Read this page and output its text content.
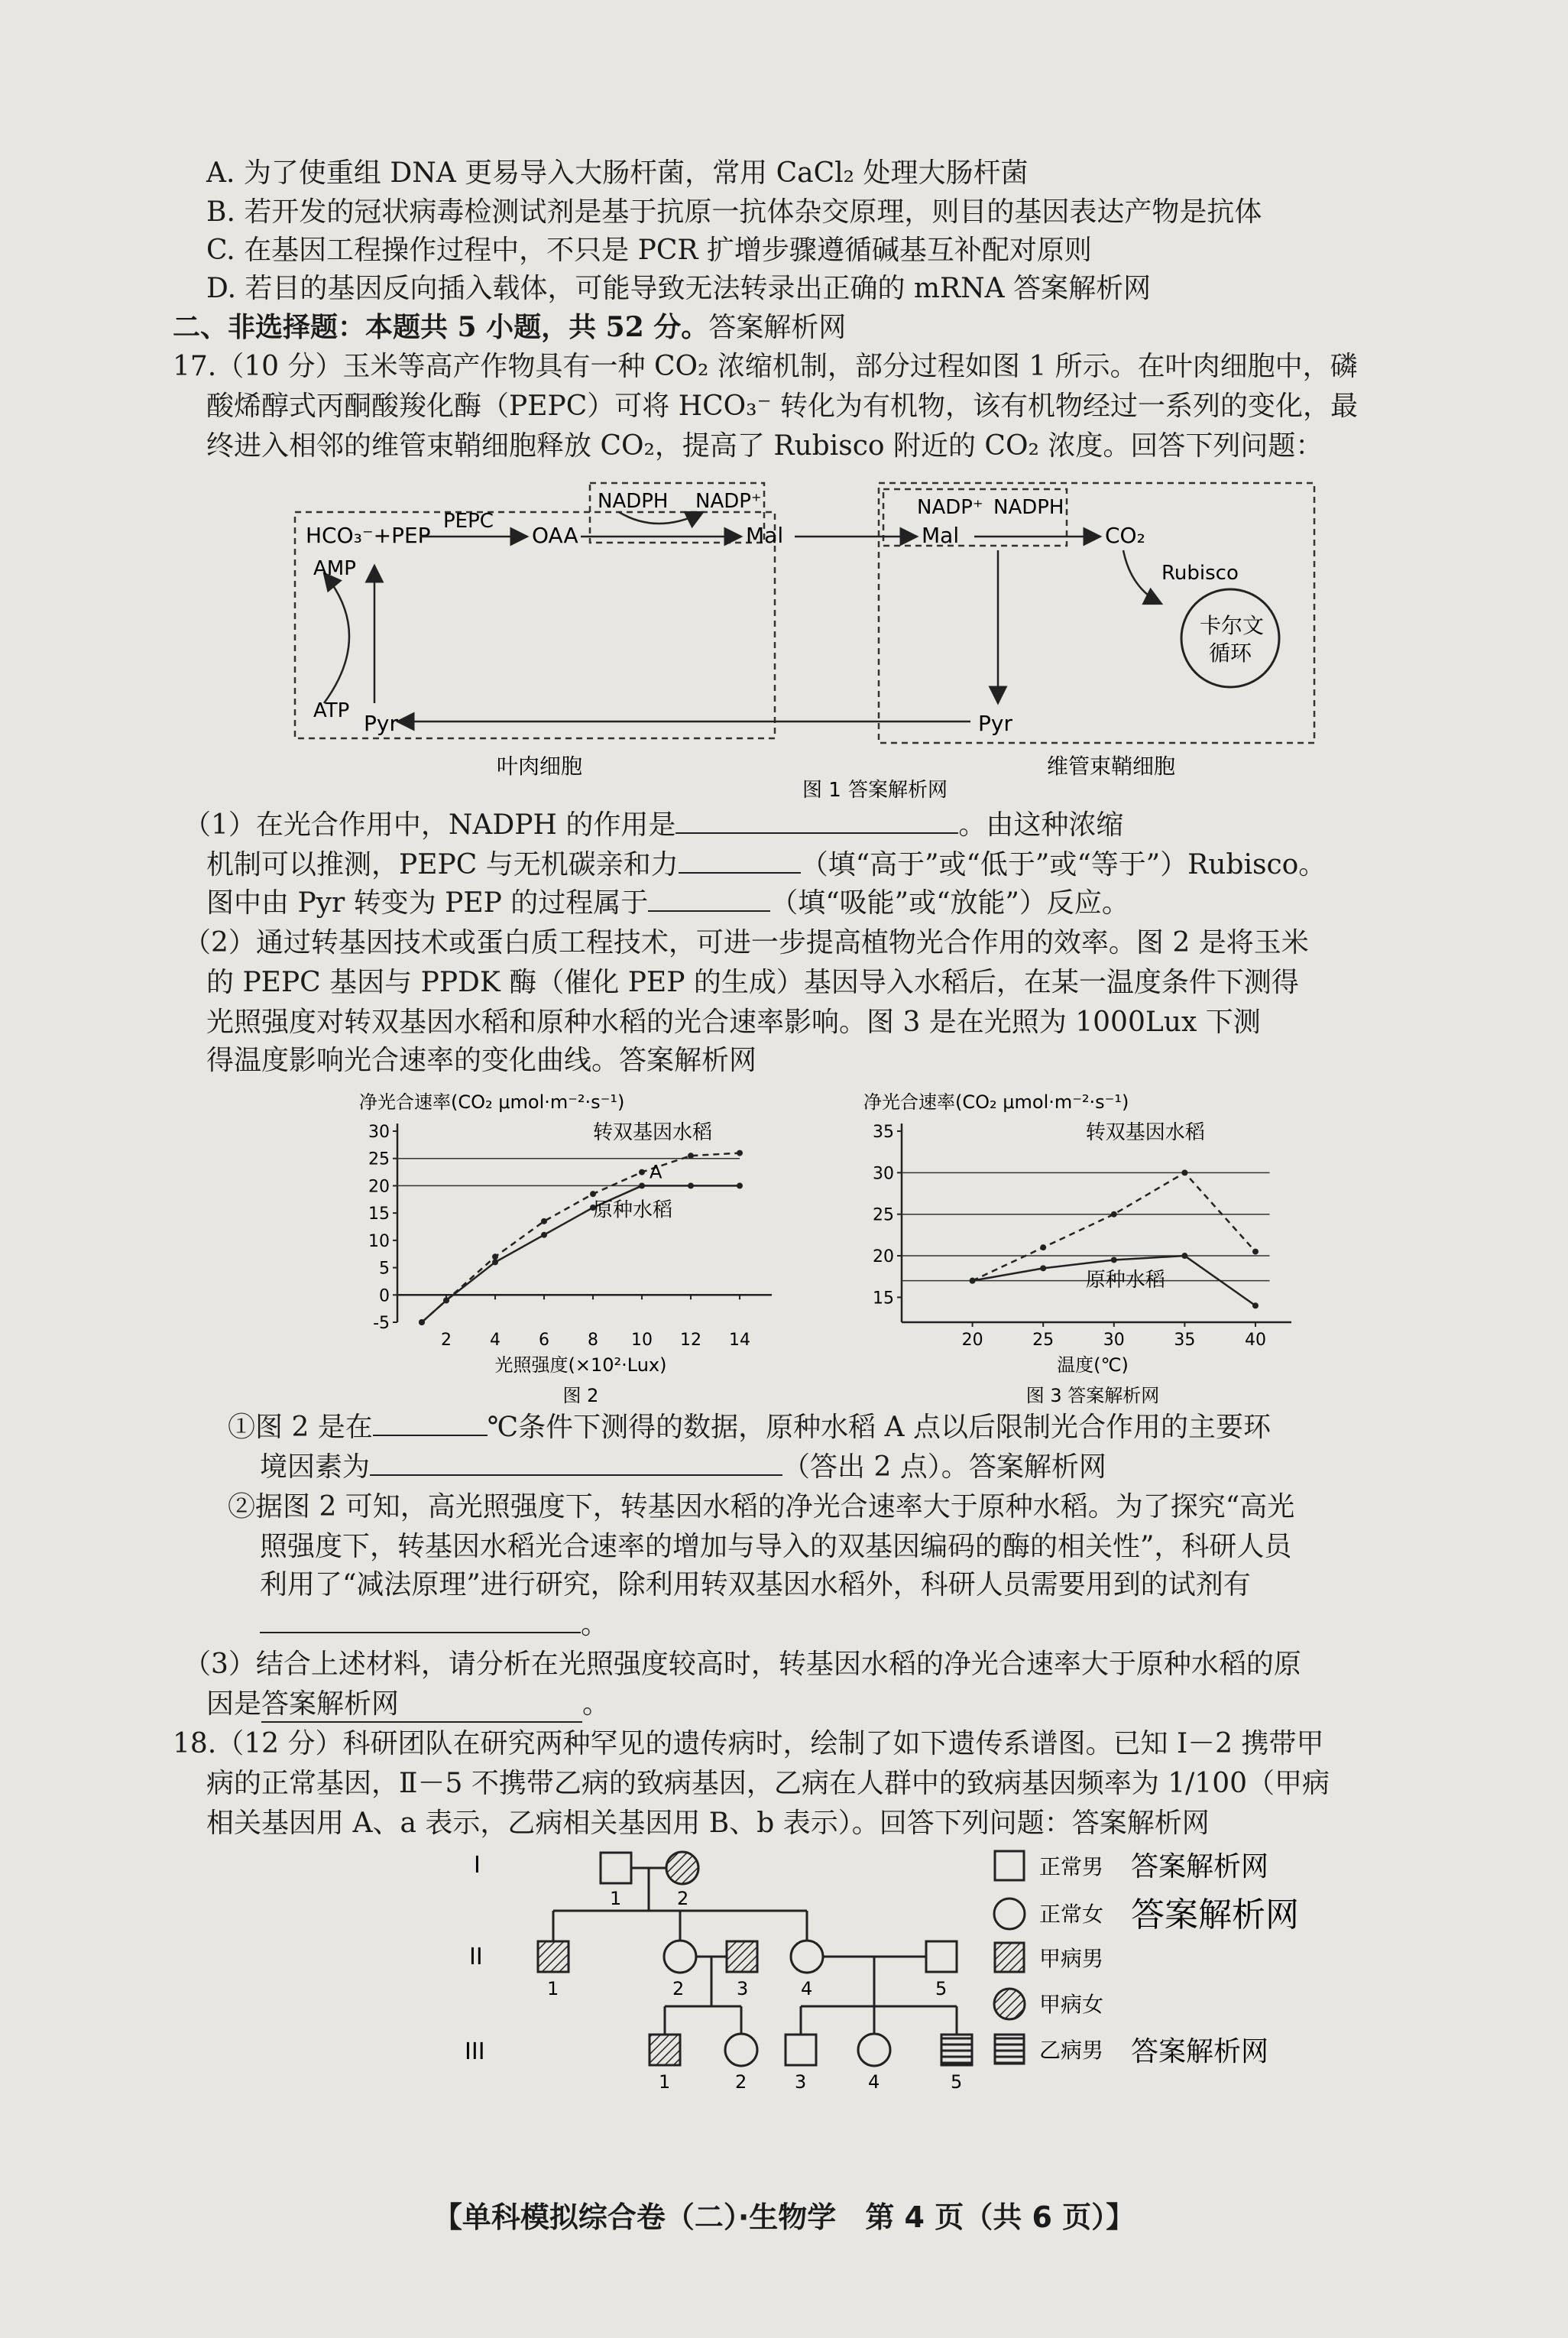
A. 为了使重组 DNA 更易导入大肠杆菌，常用 CaCl₂ 处理大肠杆菌
B. 若开发的冠状病毒检测试剂是基于抗原一抗体杂交原理，则目的基因表达产物是抗体
C. 在基因工程操作过程中，不只是 PCR 扩增步骤遵循碱基互补配对原则
D. 若目的基因反向插入载体，可能导致无法转录出正确的 mRNA 答案解析网
二、非选择题：本题共 5 小题，共 52 分。答案解析网
17.（10 分）玉米等高产作物具有一种 CO₂ 浓缩机制，部分过程如图 1 所示。在叶肉细胞中，磷
酸烯醇式丙酮酸羧化酶（PEPC）可将 HCO₃⁻ 转化为有机物，该有机物经过一系列的变化，最
终进入相邻的维管束鞘细胞释放 CO₂，提高了 Rubisco 附近的 CO₂ 浓度。回答下列问题：
HCO₃⁻+PEP
PEPC
OAA
NADPH NADP⁺
Mal	Mal
NADP⁺ NADPH
CO₂
Rubisco
卡尔文
循环
Pyr
Pyr
AMP
ATP
叶肉细胞	维管束鞘细胞
图 1 答案解析网
（1）在光合作用中，NADPH 的作用是	。由这种浓缩
机制可以推测，PEPC 与无机碳亲和力	（填“高于”或“低于”或“等于”）Rubisco。
图中由 Pyr 转变为 PEP 的过程属于	（填“吸能”或“放能”）反应。
（2）通过转基因技术或蛋白质工程技术，可进一步提高植物光合作用的效率。图 2 是将玉米
的 PEPC 基因与 PPDK 酶（催化 PEP 的生成）基因导入水稻后，在某一温度条件下测得
光照强度对转双基因水稻和原种水稻的光合速率影响。图 3 是在光照为 1000Lux 下测
得温度影响光合速率的变化曲线。答案解析网
净光合速率(CO₂ μmol·m⁻²·s⁻¹)
-5
0
5
10
15
20
25
30
2 4 6 8 10 12 14
转双基因水稻
原种水稻
A
光照强度(×10²·Lux)
图 2
净光合速率(CO₂ μmol·m⁻²·s⁻¹)
15
20
25
30
35
20	25	30	35	40
转双基因水稻
原种水稻
温度(℃)
图 3 答案解析网
①图 2 是在	℃条件下测得的数据，原种水稻 A 点以后限制光合作用的主要环
境因素为	（答出 2 点）。答案解析网
②据图 2 可知，高光照强度下，转基因水稻的净光合速率大于原种水稻。为了探究“高光
照强度下，转基因水稻光合速率的增加与导入的双基因编码的酶的相关性”，科研人员
利用了“减法原理”进行研究，除利用转双基因水稻外，科研人员需要用到的试剂有
。
（3）结合上述材料，请分析在光照强度较高时，转基因水稻的净光合速率大于原种水稻的原
因是答案解析网	。
18.（12 分）科研团队在研究两种罕见的遗传病时，绘制了如下遗传系谱图。已知 Ⅰ－2 携带甲
病的正常基因，Ⅱ－5 不携带乙病的致病基因，乙病在人群中的致病基因频率为 1/100（甲病
相关基因用 A、a 表示，乙病相关基因用 B、b 表示）。回答下列问题：答案解析网
I
II
III
1	2
1	2	3	4	5
1	2	3	4	5
正常男 答案解析网
正常女 答案解析网
甲病男
甲病女
乙病男 答案解析网
【单科模拟综合卷（二）·生物学　 第 4 页（共 6 页）】
